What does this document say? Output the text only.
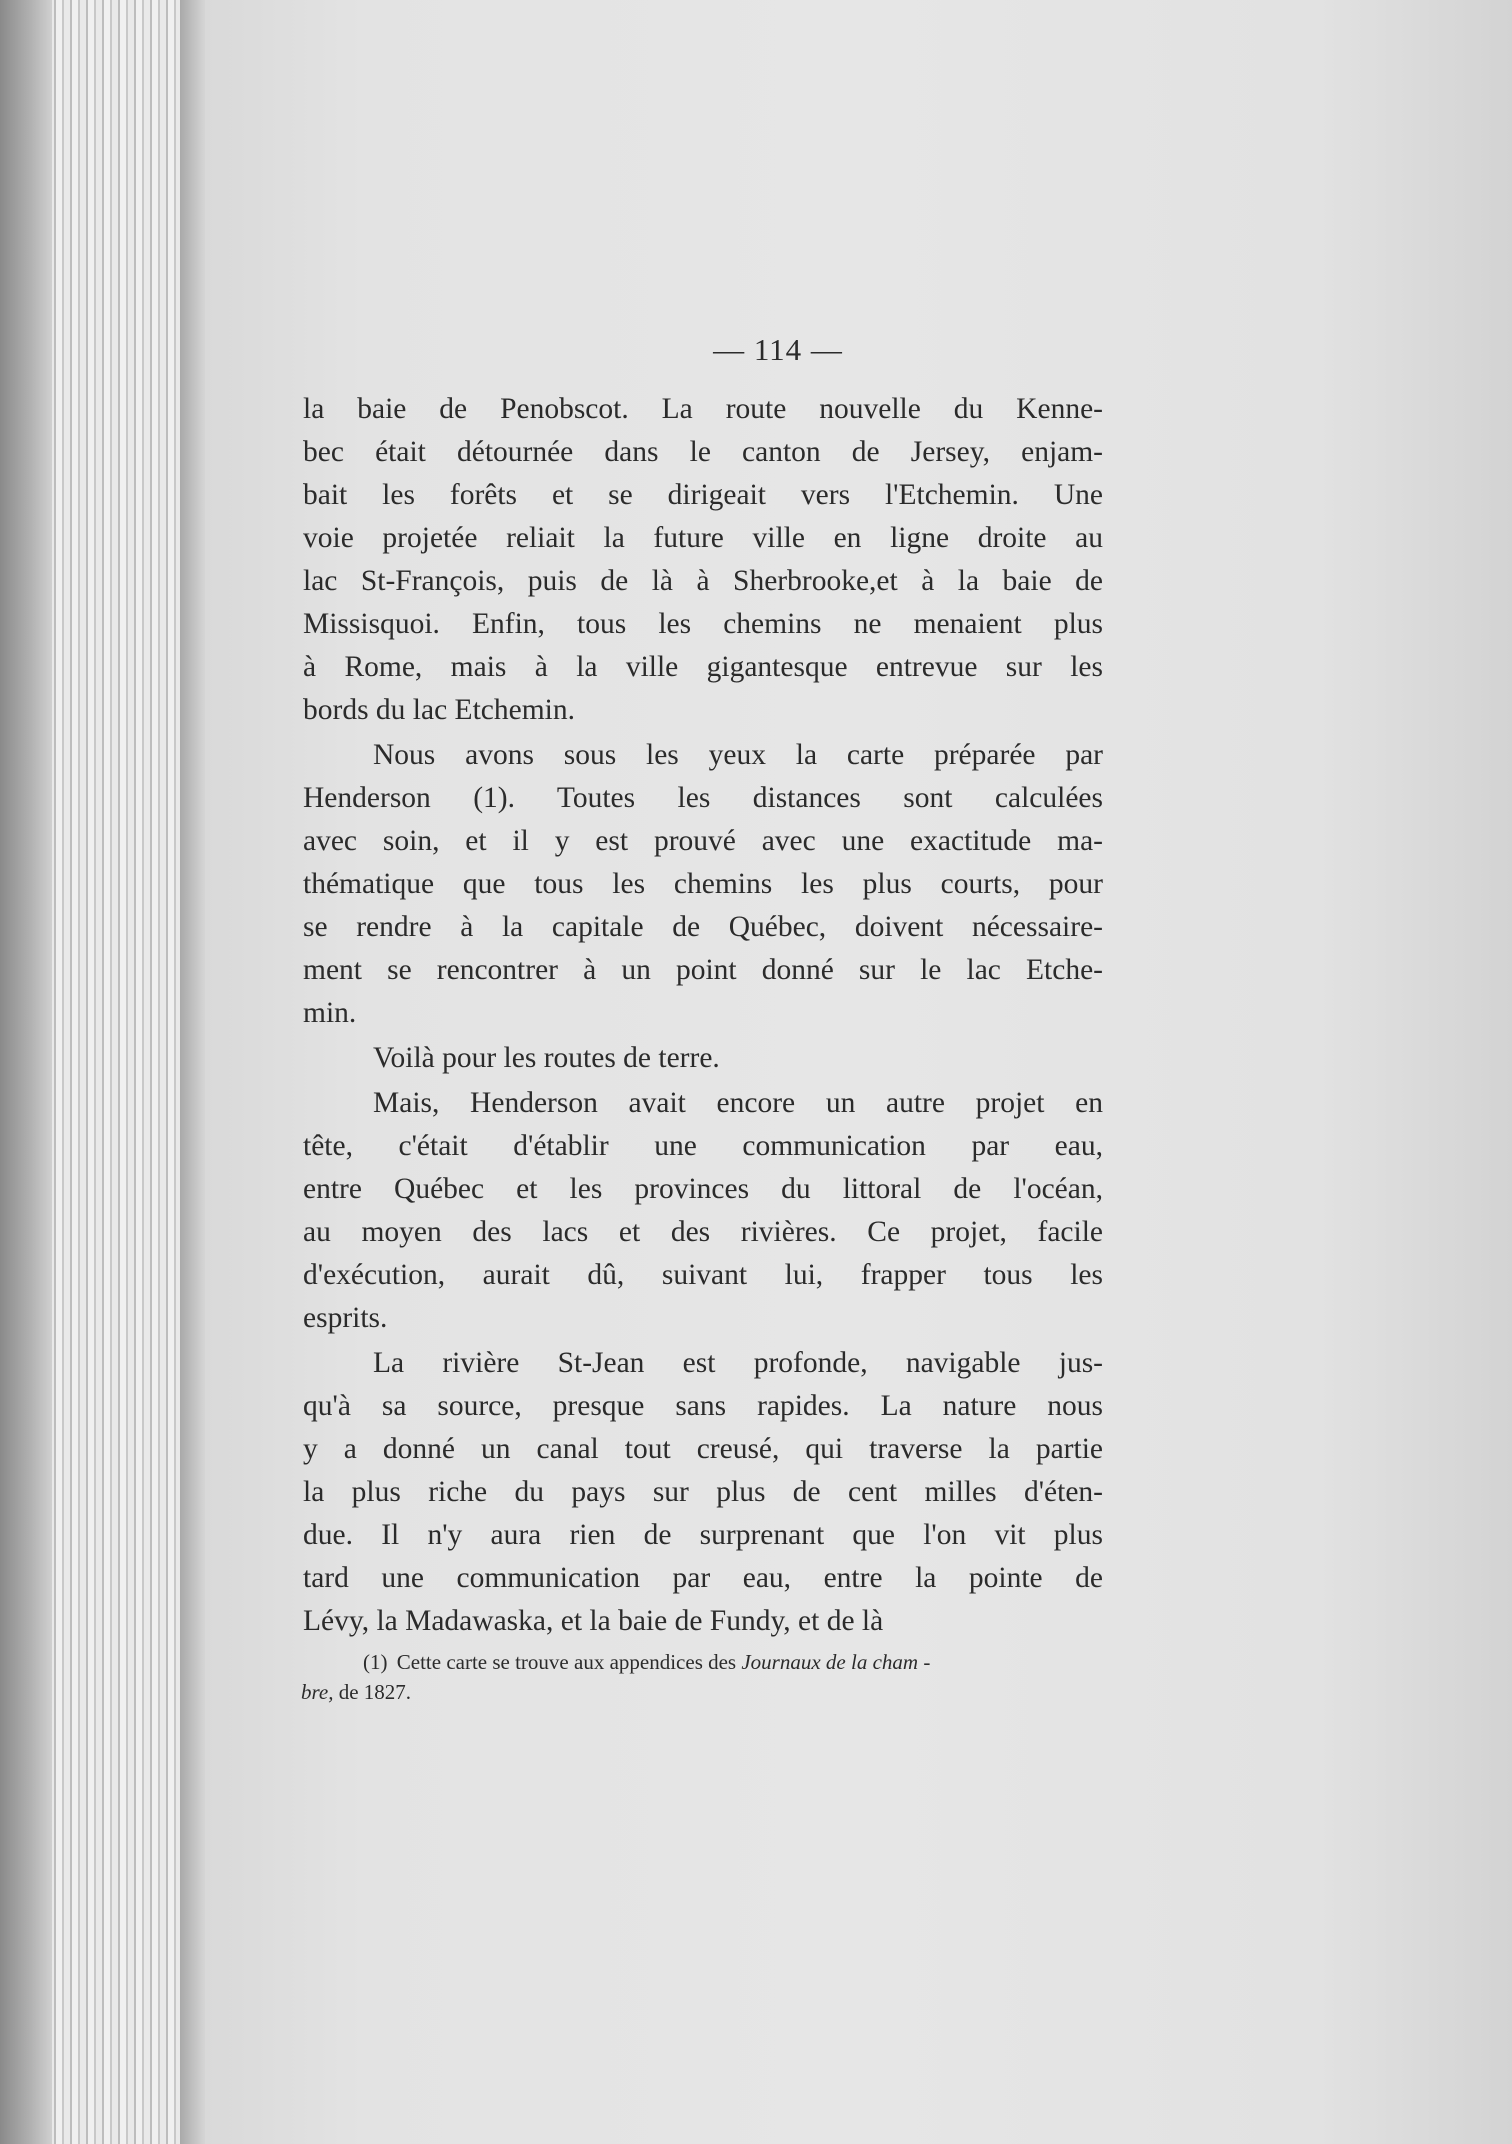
— 114 —

la baie de Penobscot. La route nouvelle du Kenne-
bec était détournée dans le canton de Jersey, enjam-
bait les forêts et se dirigeait vers l'Etchemin. Une
voie projetée reliait la future ville en ligne droite au
lac St-François, puis de là à Sherbrooke,et à la baie de
Missisquoi. Enfin, tous les chemins ne menaient plus
à Rome, mais à la ville gigantesque entrevue sur les
bords du lac Etchemin.

Nous avons sous les yeux la carte préparée par
Henderson (1). Toutes les distances sont calculées
avec soin, et il y est prouvé avec une exactitude ma-
thématique que tous les chemins les plus courts, pour
se rendre à la capitale de Québec, doivent nécessaire-
ment se rencontrer à un point donné sur le lac Etche-
min.

Voilà pour les routes de terre.

Mais, Henderson avait encore un autre projet en
tête, c'était d'établir une communication par eau,
entre Québec et les provinces du littoral de l'océan,
au moyen des lacs et des rivières. Ce projet, facile
d'exécution, aurait dû, suivant lui, frapper tous les
esprits.

La rivière St-Jean est profonde, navigable jus-
qu'à sa source, presque sans rapides. La nature nous
y a donné un canal tout creusé, qui traverse la partie
la plus riche du pays sur plus de cent milles d'éten-
due. Il n'y aura rien de surprenant que l'on vit plus
tard une communication par eau, entre la pointe de
Lévy, la Madawaska, et la baie de Fundy, et de là

(1) Cette carte se trouve aux appendices des Journaux de la cham -
bre, de 1827.
